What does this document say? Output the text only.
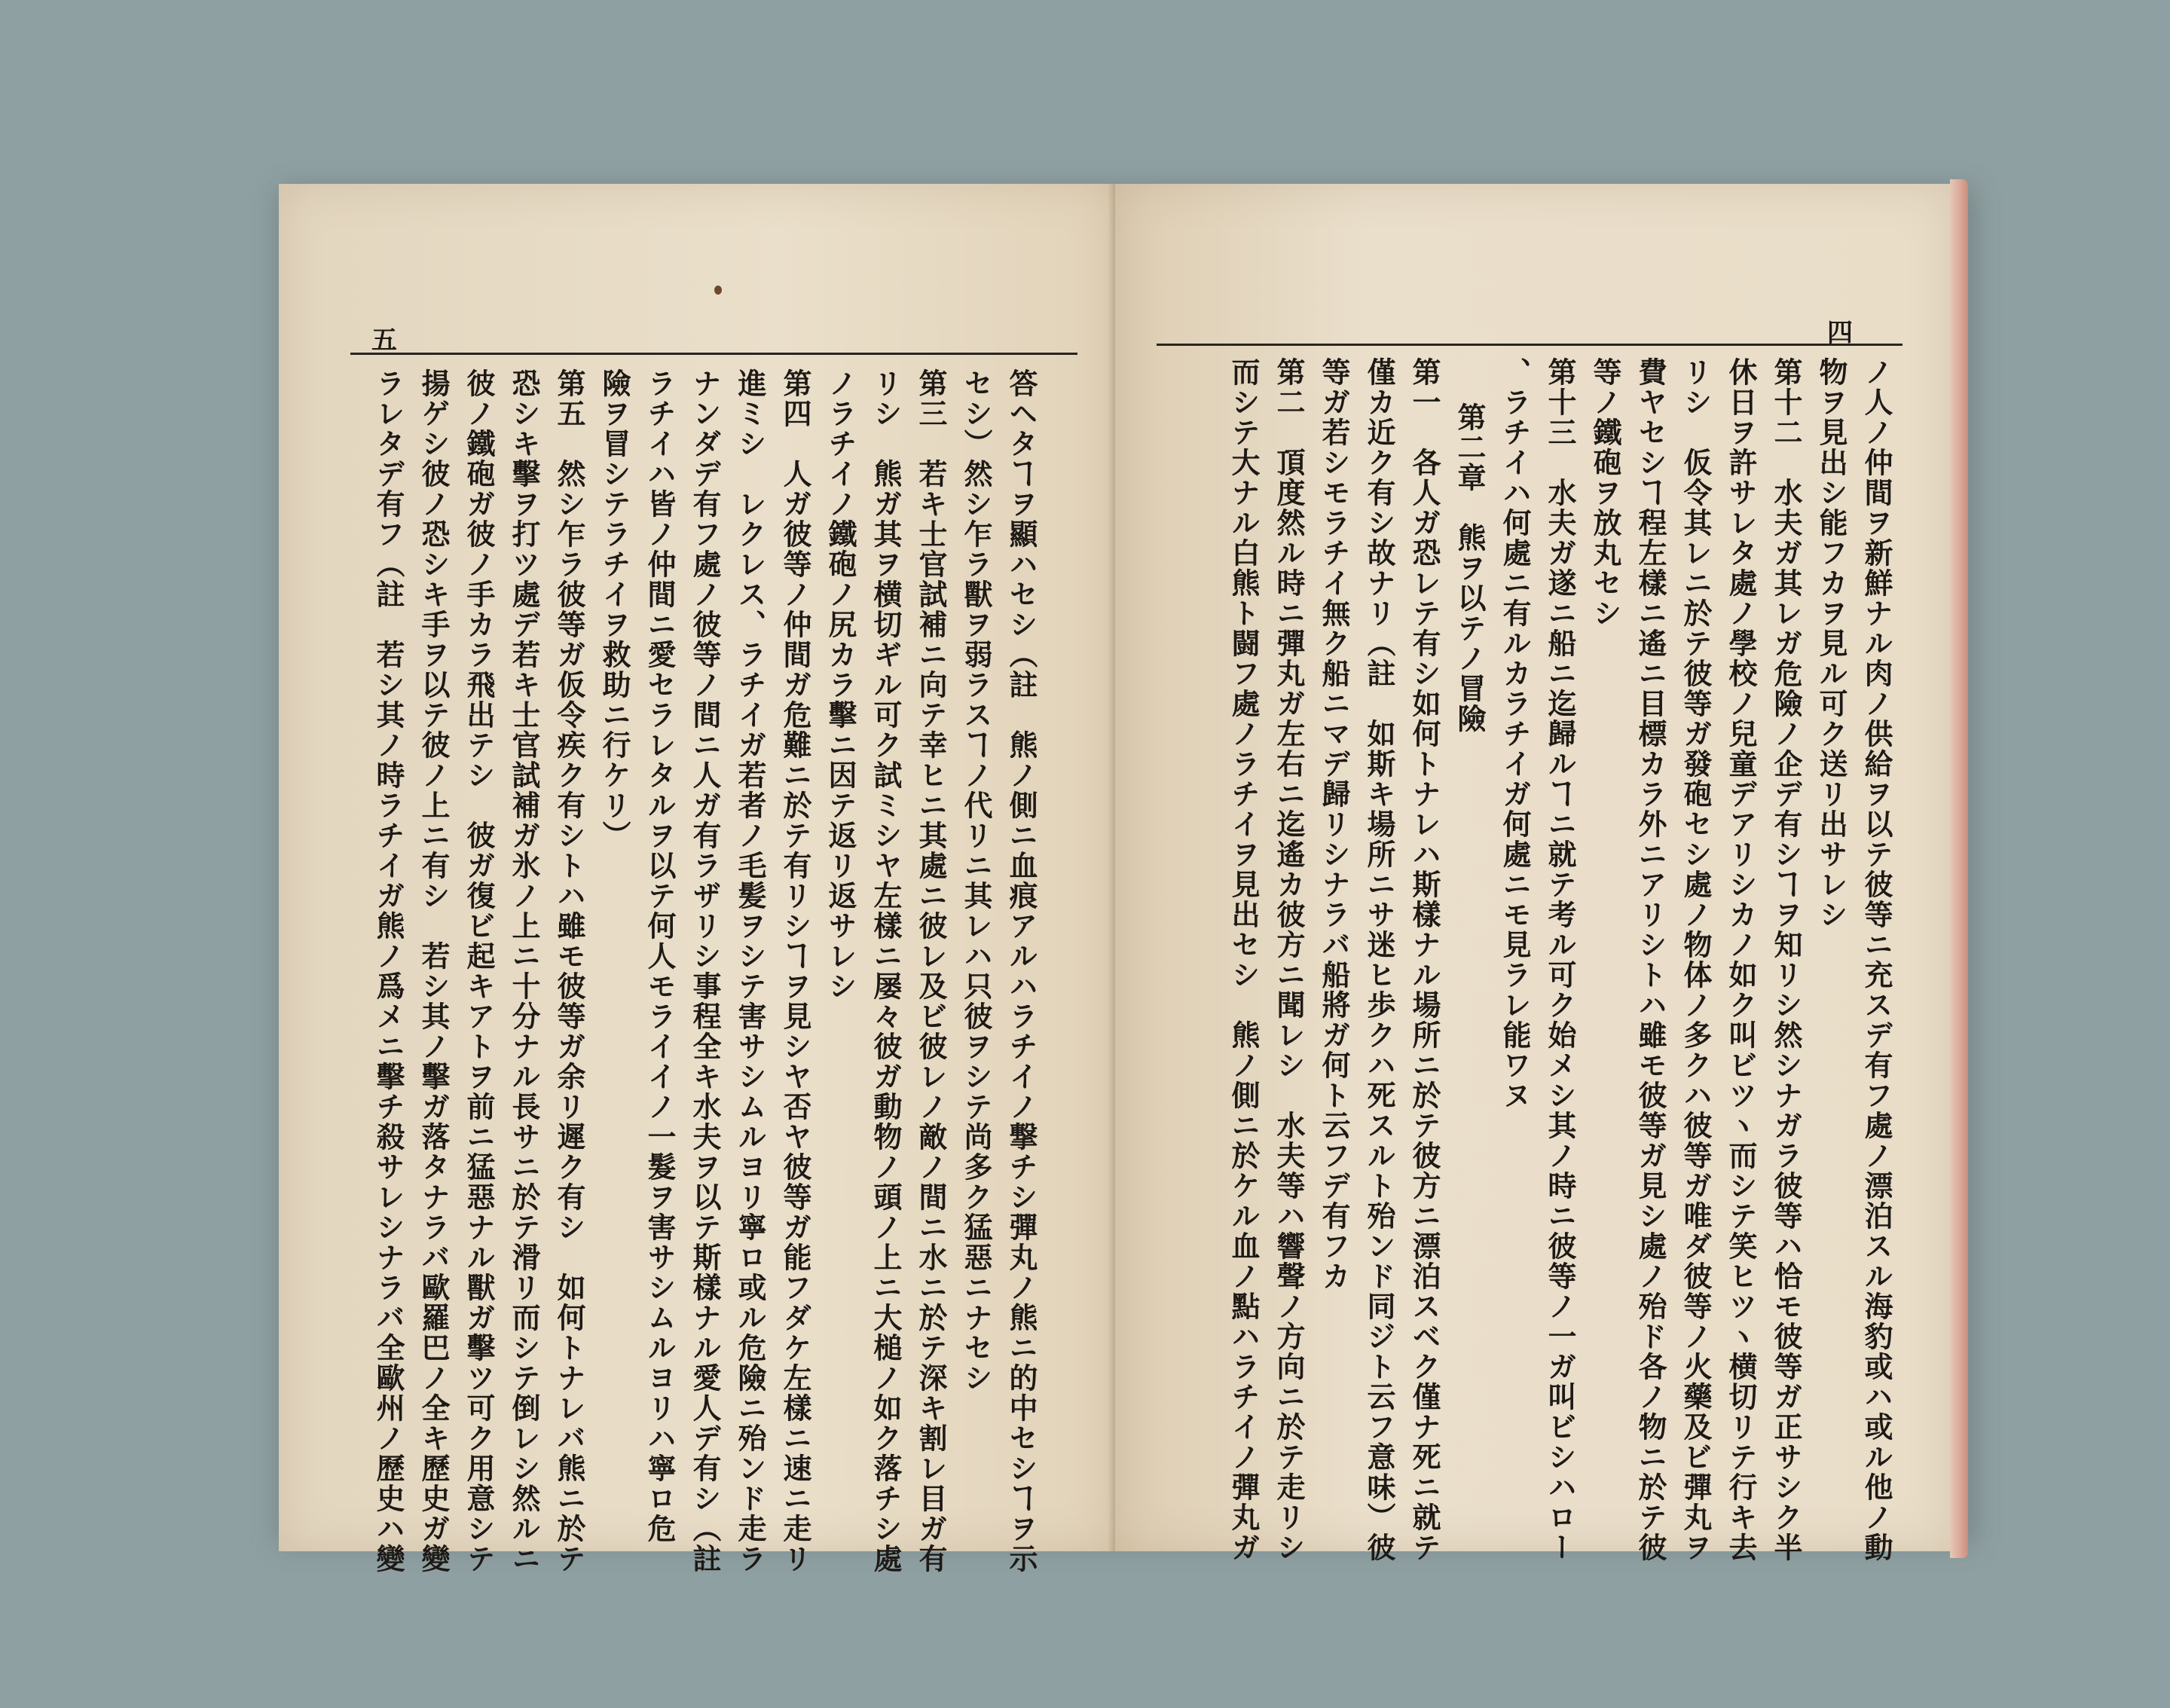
五

答ヘタヿヲ顯ハセシ（註　熊ノ側ニ血痕アルハラチイノ撃チシ彈丸ノ熊ニ的中セシヿヲ示

セシ）然シ乍ラ獸ヲ弱ラスヿノ代リニ其レハ只彼ヲシテ尚多ク猛惡ニナセシ

第三　若キ士官試補ニ向テ幸ヒニ其處ニ彼レ及ビ彼レノ敵ノ間ニ水ニ於テ深キ割レ目ガ有

リシ　熊ガ其ヲ横切ギル可ク試ミシヤ左樣ニ屡々彼ガ動物ノ頭ノ上ニ大槌ノ如ク落チシ處

ノラチイノ鐵砲ノ尻カラ擊ニ因テ返リ返サレシ

第四　人ガ彼等ノ仲間ガ危難ニ於テ有リシヿヲ見シヤ否ヤ彼等ガ能フダケ左樣ニ速ニ走リ

進ミシ　レクレス、ラチイガ若者ノ毛髪ヲシテ害サシムルヨリ寧ロ或ル危險ニ殆ンド走ラ

ナンダデ有フ處ノ彼等ノ間ニ人ガ有ラザリシ事程全キ水夫ヲ以テ斯樣ナル愛人デ有シ（註

ラチイハ皆ノ仲間ニ愛セラレタルヲ以テ何人モライイノ一髮ヲ害サシムルヨリハ寧ロ危

險ヲ冒シテラチイヲ救助ニ行ケリ）

第五　然シ乍ラ彼等ガ仮令疾ク有シトハ雖モ彼等ガ余リ遲ク有シ　如何トナレバ熊ニ於テ

恐シキ擊ヲ打ツ處デ若キ士官試補ガ氷ノ上ニ十分ナル長サニ於テ滑リ而シテ倒レシ然ルニ

彼ノ鐵砲ガ彼ノ手カラ飛出テシ　彼ガ復ビ起キアトヲ前ニ猛惡ナル獸ガ擊ツ可ク用意シテ

揚ゲシ彼ノ恐シキ手ヲ以テ彼ノ上ニ有シ　若シ其ノ擊ガ落タナラバ歐羅巴ノ全キ歷史ガ變

ラレタデ有フ（註　若シ其ノ時ラチイガ熊ノ爲メニ擊チ殺サレシナラバ全歐州ノ歷史ハ變

四

ノ人ノ仲間ヲ新鮮ナル肉ノ供給ヲ以テ彼等ニ充スデ有フ處ノ漂泊スル海豹或ハ或ル他ノ動

物ヲ見出シ能フカヲ見ル可ク送リ出サレシ

第十二　水夫ガ其レガ危險ノ企デ有シヿヲ知リシ然シナガラ彼等ハ恰モ彼等ガ正サシク半

休日ヲ許サレタ處ノ學校ノ兒童デアリシカノ如ク叫ビツヽ而シテ笑ヒツヽ横切リテ行キ去

リシ　仮令其レニ於テ彼等ガ發砲セシ處ノ物体ノ多クハ彼等ガ唯ダ彼等ノ火藥及ビ彈丸ヲ

費ヤセシヿ程左樣ニ遙ニ目標カラ外ニアリシトハ雖モ彼等ガ見シ處ノ殆ド各ノ物ニ於テ彼

等ノ鐵砲ヲ放丸セシ

第十三　水夫ガ遂ニ船ニ迄歸ルヿニ就テ考ル可ク始メシ其ノ時ニ彼等ノ一ガ叫ビシハロー

、ラチイハ何處ニ有ルカラチイガ何處ニモ見ラレ能ワヌ

第二章　熊ヲ以テノ冒險

第一　各人ガ恐レテ有シ如何トナレハ斯樣ナル場所ニ於テ彼方ニ漂泊スベク僅ナ死ニ就テ

僅カ近ク有シ故ナリ（註　如斯キ場所ニサ迷ヒ歩クハ死スルト殆ンド同ジト云フ意味）彼

等ガ若シモラチイ無ク船ニマデ歸リシナラバ船將ガ何ト云フデ有フカ

第二　頂度然ル時ニ彈丸ガ左右ニ迄遙カ彼方ニ聞レシ　水夫等ハ響聲ノ方向ニ於テ走リシ

而シテ大ナル白熊ト闘フ處ノラチイヲ見出セシ　熊ノ側ニ於ケル血ノ點ハラチイノ彈丸ガ
